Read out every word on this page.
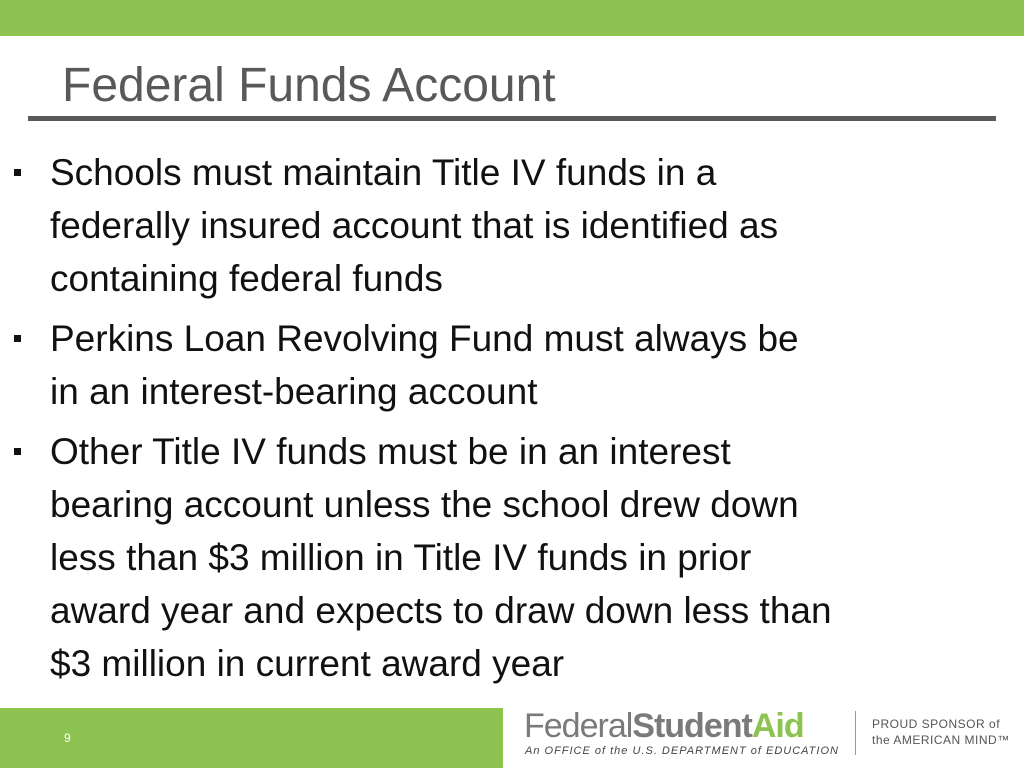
Federal Funds Account
Schools must maintain Title IV funds in a
federally insured account that is identified as
containing federal funds
Perkins Loan Revolving Fund must always be
in an interest-bearing account
Other Title IV funds must be in an interest
bearing account unless the school drew down
less than $3 million in Title IV funds in prior
award year and expects to draw down less than
$3 million in current award year
9	FederalStudentAid
An OFFICE of the U.S. DEPARTMENT of EDUCATION
PROUD SPONSOR of
the AMERICAN MIND™
